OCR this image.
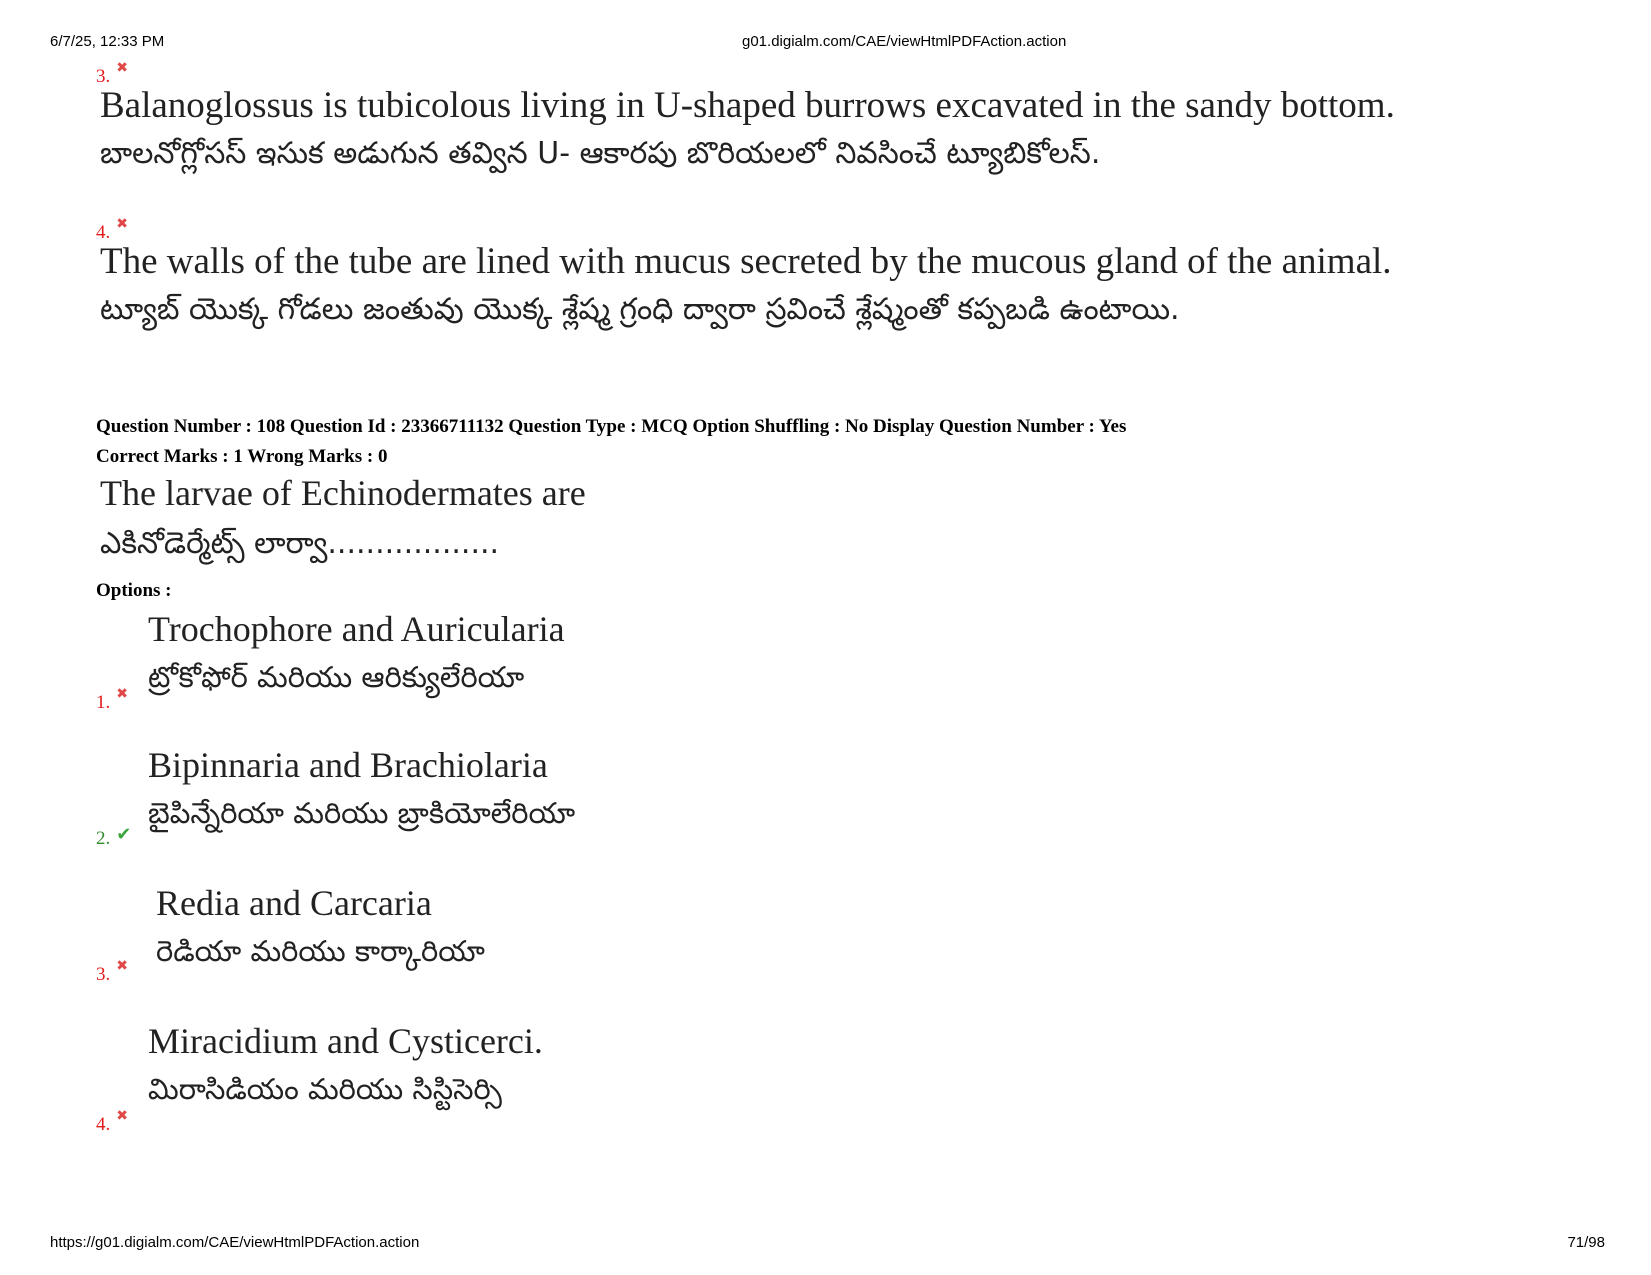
6/7/25, 12:33 PM	g01.digialm.com/CAE/viewHtmlPDFAction.action
3. ✖
Balanoglossus is tubicolous living in U-shaped burrows excavated in the sandy bottom.
బాలనోగ్లోసస్ ఇసుక అడుగున తవ్విన U- ఆకారపు బొరియలలో నివసించే ట్యూబికోలస్.
4. ✖
The walls of the tube are lined with mucus secreted by the mucous gland of the animal.
ట్యూబ్ యొక్క గోడలు జంతువు యొక్క శ్లేష్మ గ్రంధి ద్వారా స్రవించే శ్లేష్మంతో కప్పబడి ఉంటాయి.
Question Number : 108 Question Id : 23366711132 Question Type : MCQ Option Shuffling : No Display Question Number : Yes
Correct Marks : 1 Wrong Marks : 0
The larvae of Echinodermates are
ఎకినోడెర్మేట్స్ లార్వా..................
Options :
Trochophore and Auricularia
ట్రోకోఫోర్ మరియు ఆరిక్యులేరియా
1. ✖
Bipinnaria and Brachiolaria
బైపిన్నేరియా మరియు బ్రాకియోలేరియా
2. ✔
Redia and Carcaria
రెడియా మరియు కార్కారియా
3. ✖
Miracidium and Cysticerci.
మిరాసిడియం మరియు సిస్టిసెర్సి
4. ✖
https://g01.digialm.com/CAE/viewHtmlPDFAction.action	71/98
